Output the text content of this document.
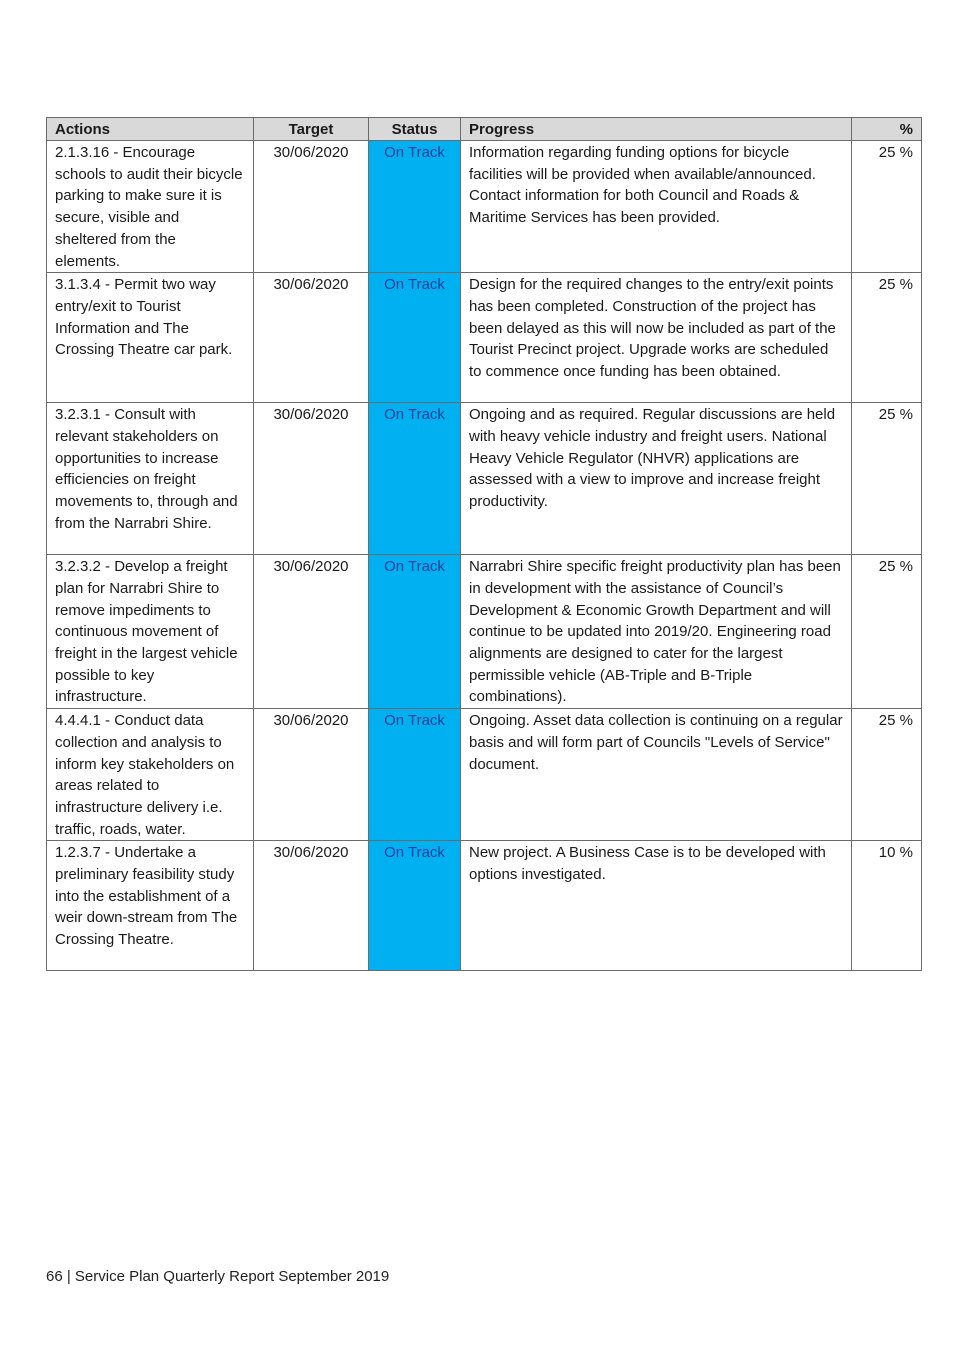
Actions	Target	Status	Progress	%
2.1.3.16 - Encourage schools to audit their bicycle parking to make sure it is secure, visible and sheltered from the elements.	30/06/2020	On Track	Information regarding funding options for bicycle facilities will be provided when available/announced. Contact information for both Council and Roads & Maritime Services has been provided.	25 %
3.1.3.4 - Permit two way entry/exit to Tourist Information and The Crossing Theatre car park.	30/06/2020	On Track	Design for the required changes to the entry/exit points has been completed. Construction of the project has been delayed as this will now be included as part of the Tourist Precinct project. Upgrade works are scheduled to commence once funding has been obtained.	25 %
3.2.3.1 - Consult with relevant stakeholders on opportunities to increase efficiencies on freight movements to, through and from the Narrabri Shire.	30/06/2020	On Track	Ongoing and as required. Regular discussions are held with heavy vehicle industry and freight users. National Heavy Vehicle Regulator (NHVR) applications are assessed with a view to improve and increase freight productivity.	25 %
3.2.3.2 - Develop a freight plan for Narrabri Shire to remove impediments to continuous movement of freight in the largest vehicle possible to key infrastructure.	30/06/2020	On Track	Narrabri Shire specific freight productivity plan has been in development with the assistance of Council’s Development & Economic Growth Department and will continue to be updated into 2019/20. Engineering road alignments are designed to cater for the largest permissible vehicle (AB-Triple and B-Triple combinations).	25 %
4.4.4.1 - Conduct data collection and analysis to inform key stakeholders on areas related to infrastructure delivery i.e. traffic, roads, water.	30/06/2020	On Track	Ongoing. Asset data collection is continuing on a regular basis and will form part of Councils "Levels of Service" document.	25 %
1.2.3.7 - Undertake a preliminary feasibility study into the establishment of a weir down-stream from The Crossing Theatre.	30/06/2020	On Track	New project. A Business Case is to be developed with options investigated.	10 %
66 | Service Plan Quarterly Report September 2019
